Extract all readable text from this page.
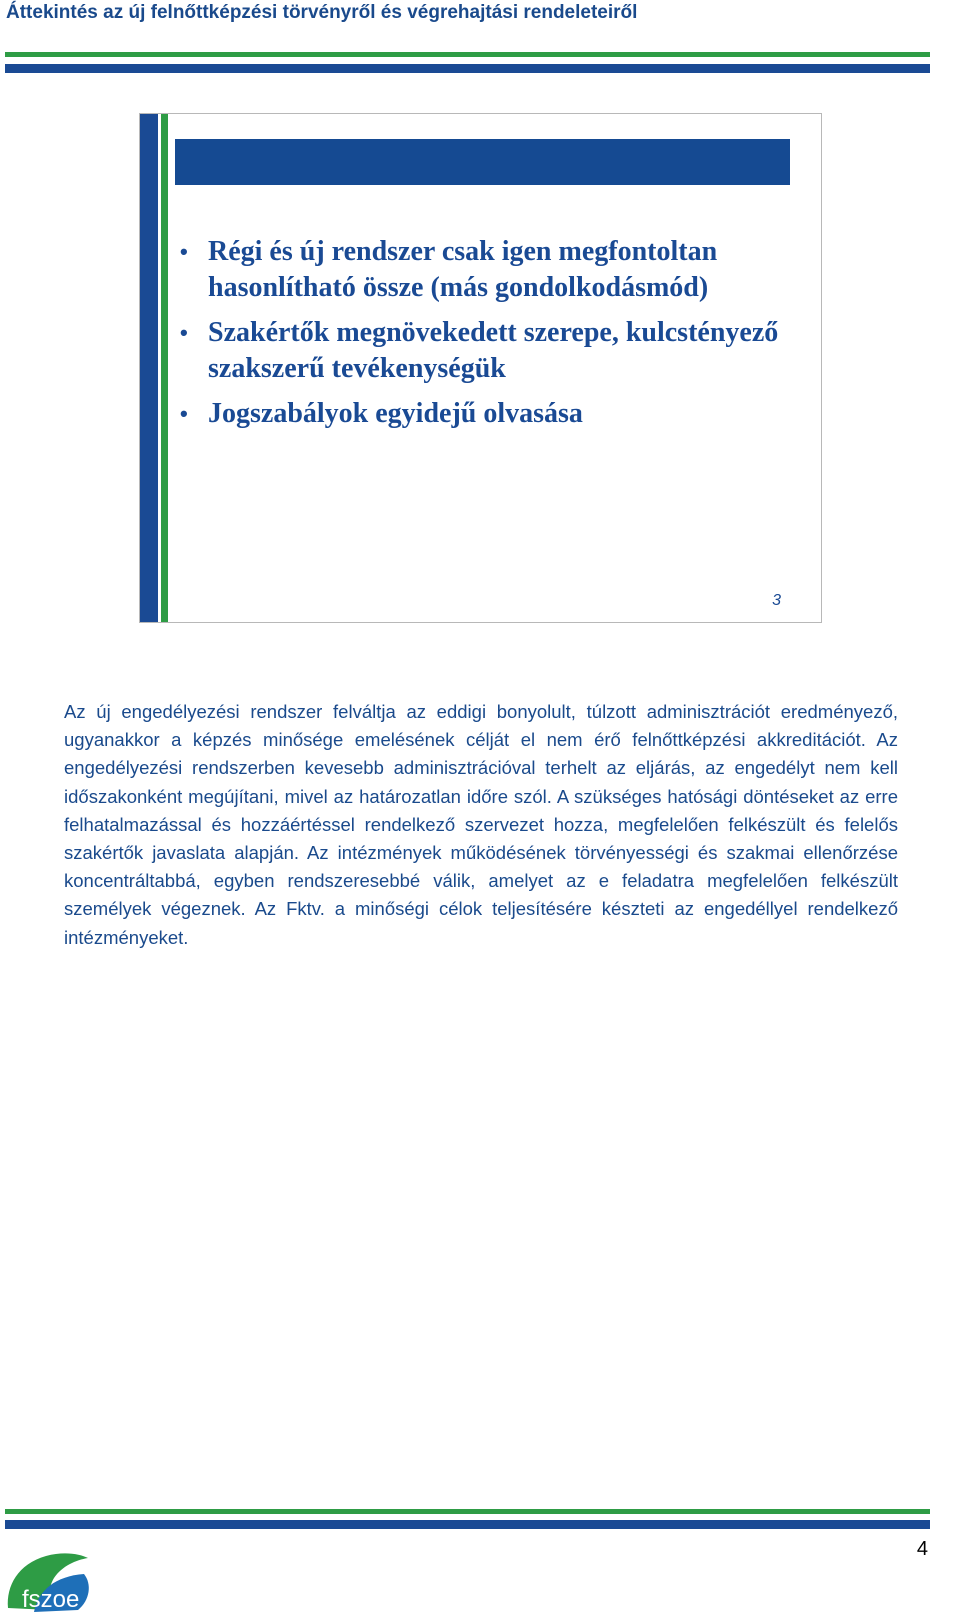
Áttekintés az új felnőttképzési törvényről és végrehajtási rendeleteiről
• Régi és új rendszer csak igen megfontoltan hasonlítható össze (más gondolkodásmód)
• Szakértők megnövekedett szerepe, kulcstényező szakszerű tevékenységük
• Jogszabályok egyidejű olvasása
3

Az új engedélyezési rendszer felváltja az eddigi bonyolult, túlzott adminisztrációt eredményező, ugyanakkor a képzés minősége emelésének célját el nem érő felnőttképzési akkreditációt. Az engedélyezési rendszerben kevesebb adminisztrációval terhelt az eljárás, az engedélyt nem kell időszakonként megújítani, mivel az határozatlan időre szól. A szükséges hatósági döntéseket az erre felhatalmazással és hozzáértéssel rendelkező szervezet hozza, megfelelően felkészült és felelős szakértők javaslata alapján. Az intézmények működésének törvényességi és szakmai ellenőrzése koncentráltabbá, egyben rendszeresebbé válik, amelyet az e feladatra megfelelően felkészült személyek végeznek. Az Fktv. a minőségi célok teljesítésére készteti az engedéllyel rendelkező intézményeket.

4
fszoe
